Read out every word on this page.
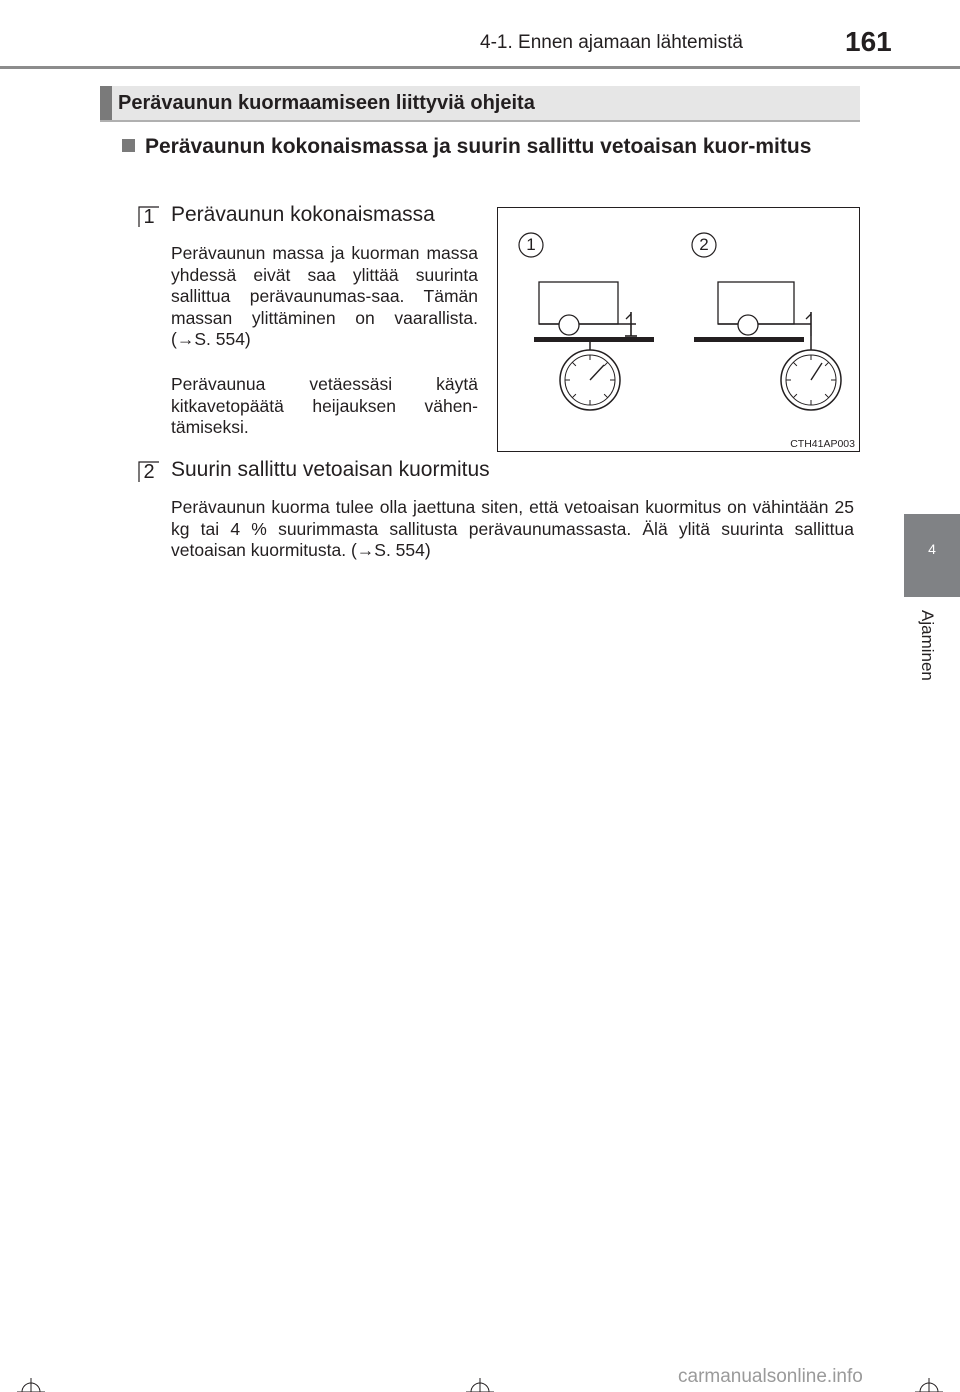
4-1. Ennen ajamaan lähtemistä	161
4
Ajaminen
Perävaunun kuormaamiseen liittyviä ohjeita
Perävaunun kokonaismassa ja suurin sallittu vetoaisan kuor-mitus
1 Perävaunun kokonaismassa
Perävaunun massa ja kuorman massa yhdessä eivät saa ylittää suurinta sallittua perävaunumas-saa. Tämän massan ylittäminen on vaarallista. (→S. 554)
Perävaunua vetäessäsi käytä kitkavetopäätä heijauksen vähen-tämiseksi.
1	2
CTH41AP003
2 Suurin sallittu vetoaisan kuormitus
Perävaunun kuorma tulee olla jaettuna siten, että vetoaisan kuormitus on vähintään 25 kg tai 4 % suurimmasta sallitusta perävaunumassasta. Älä ylitä suurinta sallittua vetoaisan kuormitusta. (→S. 554)
carmanualsonline.info
